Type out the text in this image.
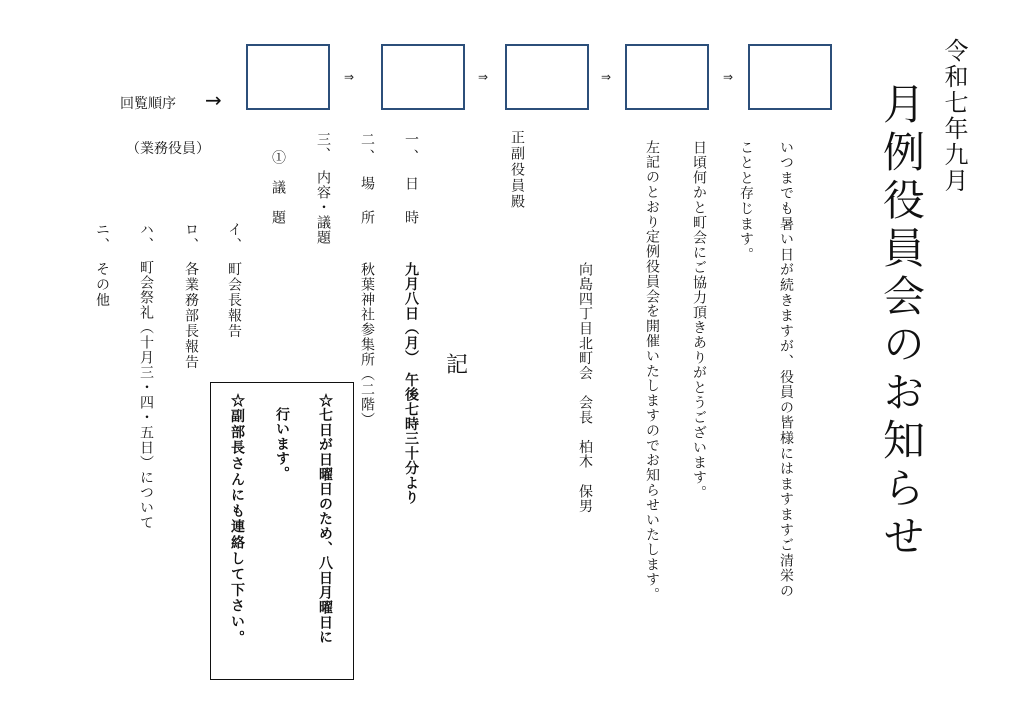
回覧順序 →
（業務役員）
⇒	⇒	⇒	⇒	令和七年九月
月例役員会のお知らせ
いつまでも暑い日が続きますが、役員の皆様にはますますご清栄の
ことと存じます。
日頃何かと町会にご協力頂きありがとうございます。
左記のとおり定例役員会を開催いたしますのでお知らせいたします。
向島四丁目北町会　会長　柏木　保男
正副役員殿
記
一、　日　時
九月八日（月）　午後七時三十分より
二、　場　所
秋葉神社参集所（二階）
三、　内容・議題
①　議　題
イ、　町会長報告
ロ、　各業務部長報告
ハ、　町会祭礼（十月三・四・五日）について
ニ、　その他
☆七日が日曜日のため、八日月曜日に
行います。
☆副部長さんにも連絡して下さい。
